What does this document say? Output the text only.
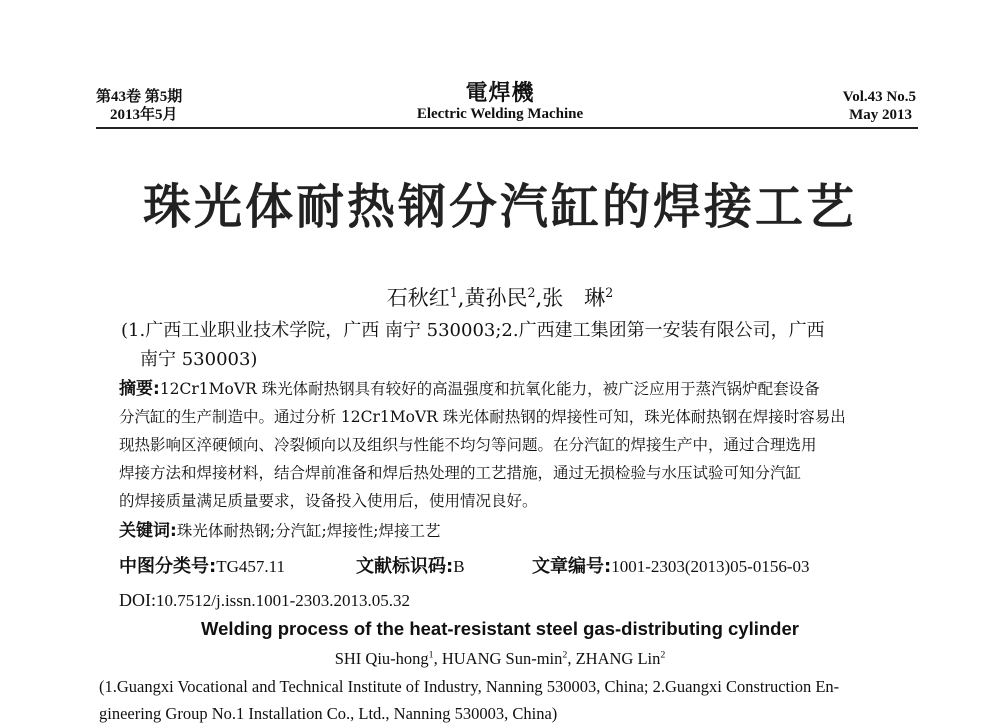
第43卷 第5期
2013年5月
電焊機
Electric Welding Machine
Vol.43 No.5
May 2013
珠光体耐热钢分汽缸的焊接工艺
石秋红$^1$,黄孙民$^2$,张　琳$^2$
(1.广西工业职业技术学院，广西 南宁 530003;2.广西建工集团第一安装有限公司，广西
南宁 530003)
摘要:12Cr1MoVR 珠光体耐热钢具有较好的高温强度和抗氧化能力，被广泛应用于蒸汽锅炉配套设备
分汽缸的生产制造中。通过分析 12Cr1MoVR 珠光体耐热钢的焊接性可知，珠光体耐热钢在焊接时容易出
现热影响区淬硬倾向、冷裂倾向以及组织与性能不均匀等问题。在分汽缸的焊接生产中，通过合理选用
焊接方法和焊接材料，结合焊前准备和焊后热处理的工艺措施，通过无损检验与水压试验可知分汽缸
的焊接质量满足质量要求，设备投入使用后，使用情况良好。
关键词:珠光体耐热钢;分汽缸;焊接性;焊接工艺
中图分类号:TG457.11	文献标识码:B	文章编号:1001-2303(2013)05-0156-03
DOI:10.7512/j.issn.1001-2303.2013.05.32
Welding process of the heat-resistant steel gas-distributing cylinder
SHI Qiu-hong$^1$, HUANG Sun-$\min^2$, ZHANG Lin$^2$
(1.Guangxi Vocational and Technical Institute of Industry, Nanning 530003, China; 2.Guangxi Construction En-
gineering Group No.1 Installation Co., Ltd., Nanning 530003, China)
